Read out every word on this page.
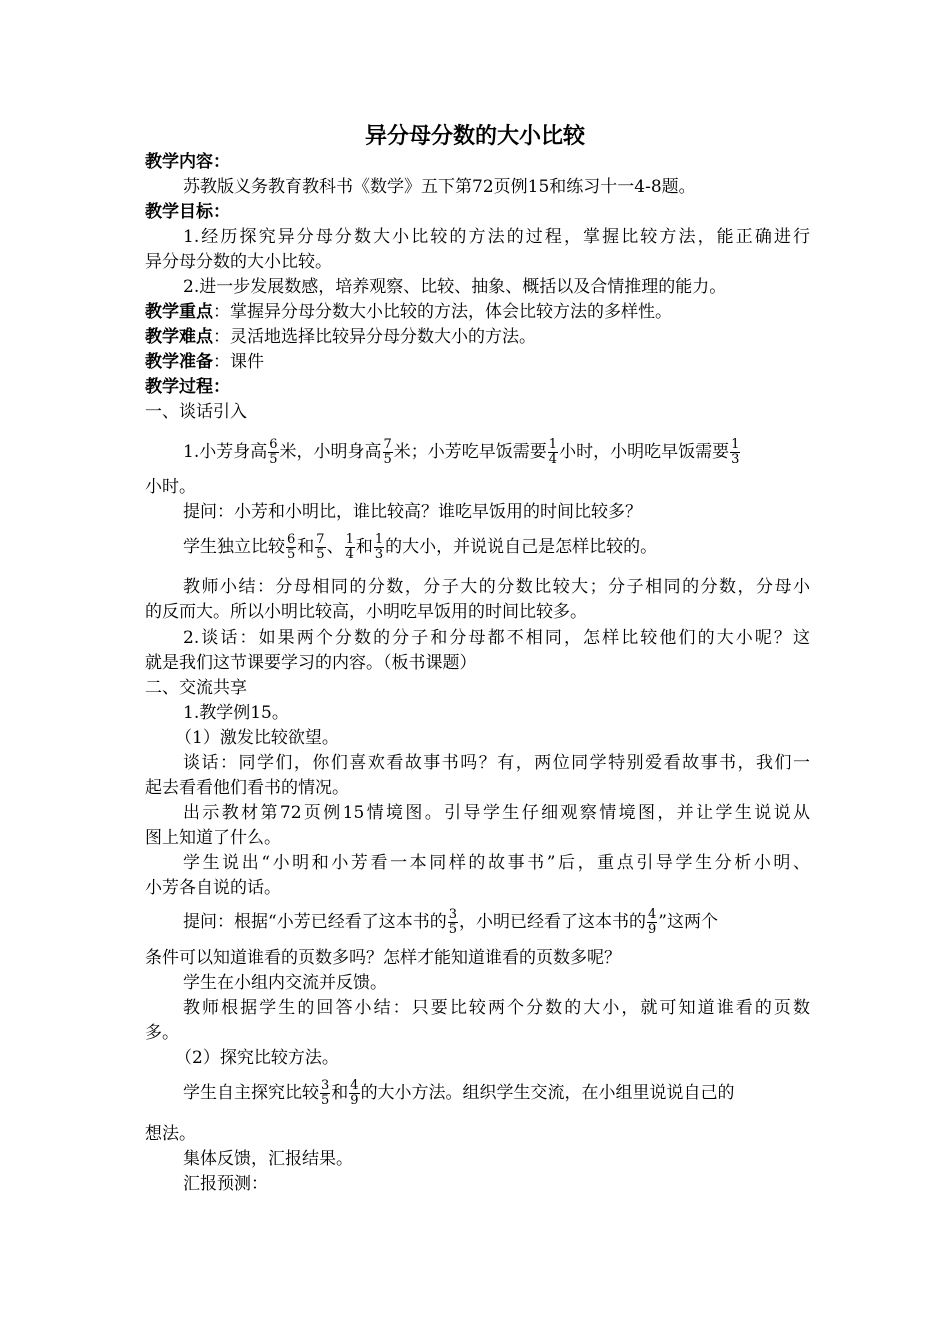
异分母分数的大小比较
教学内容：
苏教版义务教育教科书《数学》五下第72页例15和练习十一4-8题。
教学目标：
1.经历探究异分母分数大小比较的方法的过程，掌握比较方法，能正确进行
异分母分数的大小比较。
2.进一步发展数感，培养观察、比较、抽象、概括以及合情推理的能力。
教学重点：掌握异分母分数大小比较的方法，体会比较方法的多样性。
教学难点：灵活地选择比较异分母分数大小的方法。
教学准备：课件
教学过程：
一、谈话引入
1.小芳身高 $\frac{6}{5}$ 米，小明身高 $\frac{7}{5}$ 米；小芳吃早饭需要 $\frac{1}{4}$ 小时，小明吃早饭需要 $\frac{1}{3}$
小时。
提问：小芳和小明比，谁比较高？谁吃早饭用的时间比较多？
学生独立比较 $\frac{6}{5}$ 和 $\frac{7}{5}$ 、 $\frac{1}{4}$ 和 $\frac{1}{3}$ 的大小，并说说自己是怎样比较的。
教师小结：分母相同的分数，分子大的分数比较大；分子相同的分数，分母小
的反而大。所以小明比较高，小明吃早饭用的时间比较多。
2.谈话：如果两个分数的分子和分母都不相同，怎样比较他们的大小呢？这
就是我们这节课要学习的内容。（板书课题）
二、交流共享
1.教学例15。
（1）激发比较欲望。
谈话：同学们，你们喜欢看故事书吗？有，两位同学特别爱看故事书，我们一
起去看看他们看书的情况。
出示教材第72页例15情境图。引导学生仔细观察情境图，并让学生说说从
图上知道了什么。
学生说出“小明和小芳看一本同样的故事书”后，重点引导学生分析小明、
小芳各自说的话。
提问：根据“小芳已经看了这本书的 $\frac{3}{5}$ ，小明已经看了这本书的 $\frac{4}{9}$ ”这两个
条件可以知道谁看的页数多吗？怎样才能知道谁看的页数多呢？
学生在小组内交流并反馈。
教师根据学生的回答小结：只要比较两个分数的大小，就可知道谁看的页数
多。
（2）探究比较方法。
学生自主探究比较 $\frac{3}{5}$ 和 $\frac{4}{9}$ 的大小方法。组织学生交流，在小组里说说自己的
想法。
集体反馈，汇报结果。
汇报预测：
